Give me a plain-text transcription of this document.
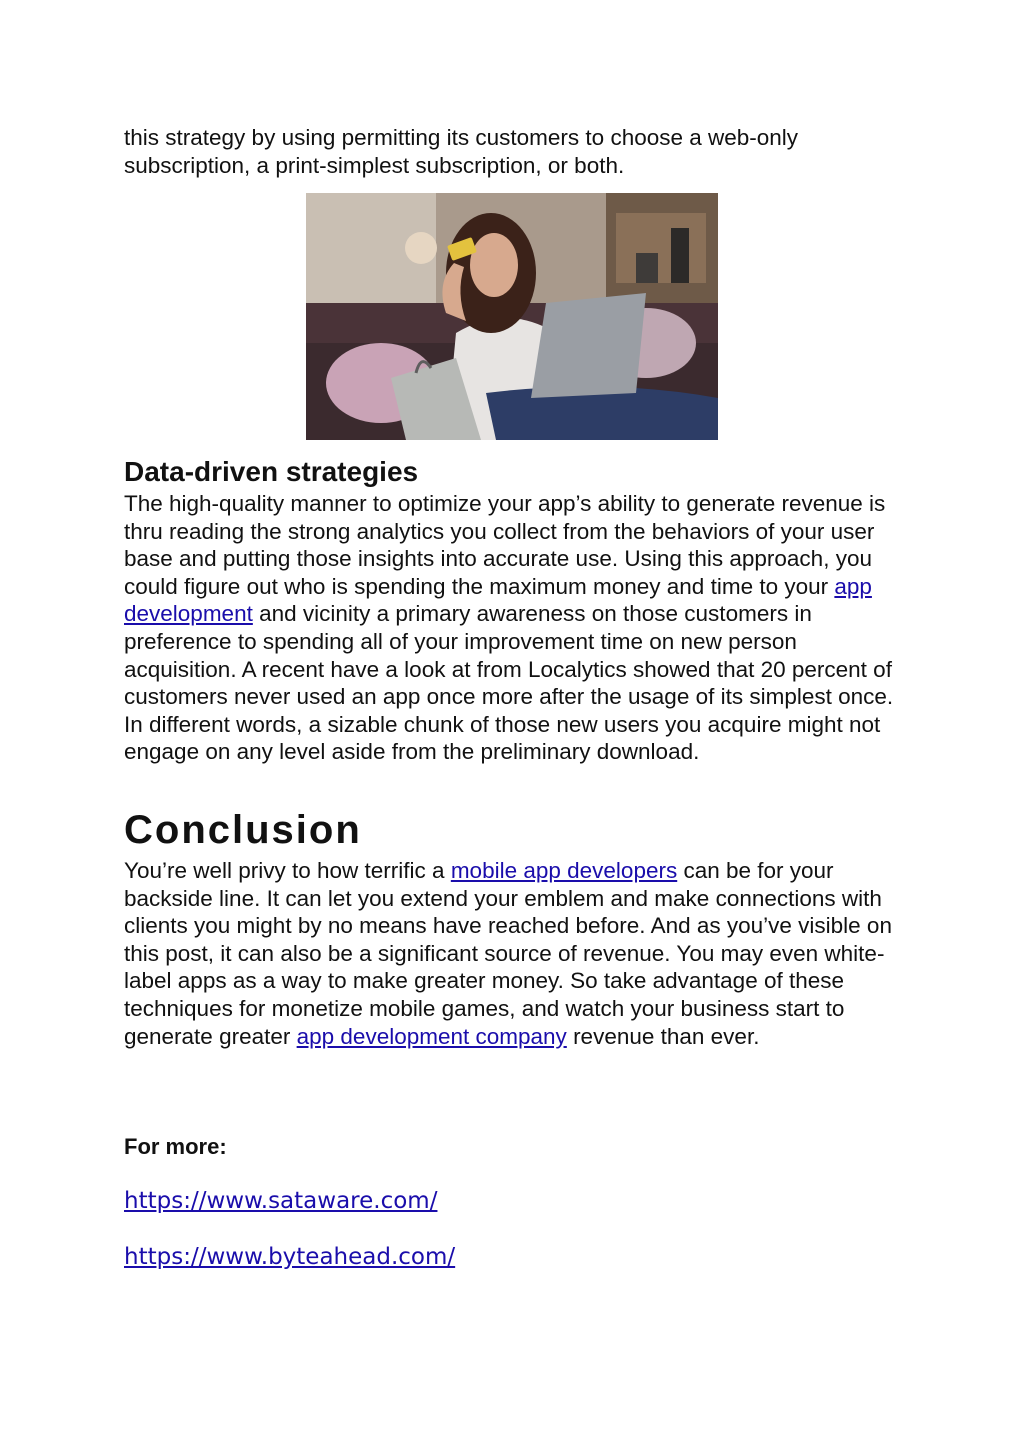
this strategy by using permitting its customers to choose a web-only subscription, a print-simplest subscription, or both.

Data-driven strategies

The high-quality manner to optimize your app’s ability to generate revenue is thru reading the strong analytics you collect from the behaviors of your user base and putting those insights into accurate use. Using this approach, you could figure out who is spending the maximum money and time to your app development and vicinity a primary awareness on those customers in preference to spending all of your improvement time on new person acquisition. A recent have a look at from Localytics showed that 20 percent of customers never used an app once more after the usage of its simplest once. In different words, a sizable chunk of those new users you acquire might not engage on any level aside from the preliminary download.

Conclusion

You’re well privy to how terrific a mobile app developers can be for your backside line. It can let you extend your emblem and make connections with clients you might by no means have reached before. And as you’ve visible on this post, it can also be a significant source of revenue. You may even white-label apps as a way to make greater money. So take advantage of these techniques for monetize mobile games, and watch your business start to generate greater app development company revenue than ever.

For more:

https://www.sataware.com/
https://www.byteahead.com/
